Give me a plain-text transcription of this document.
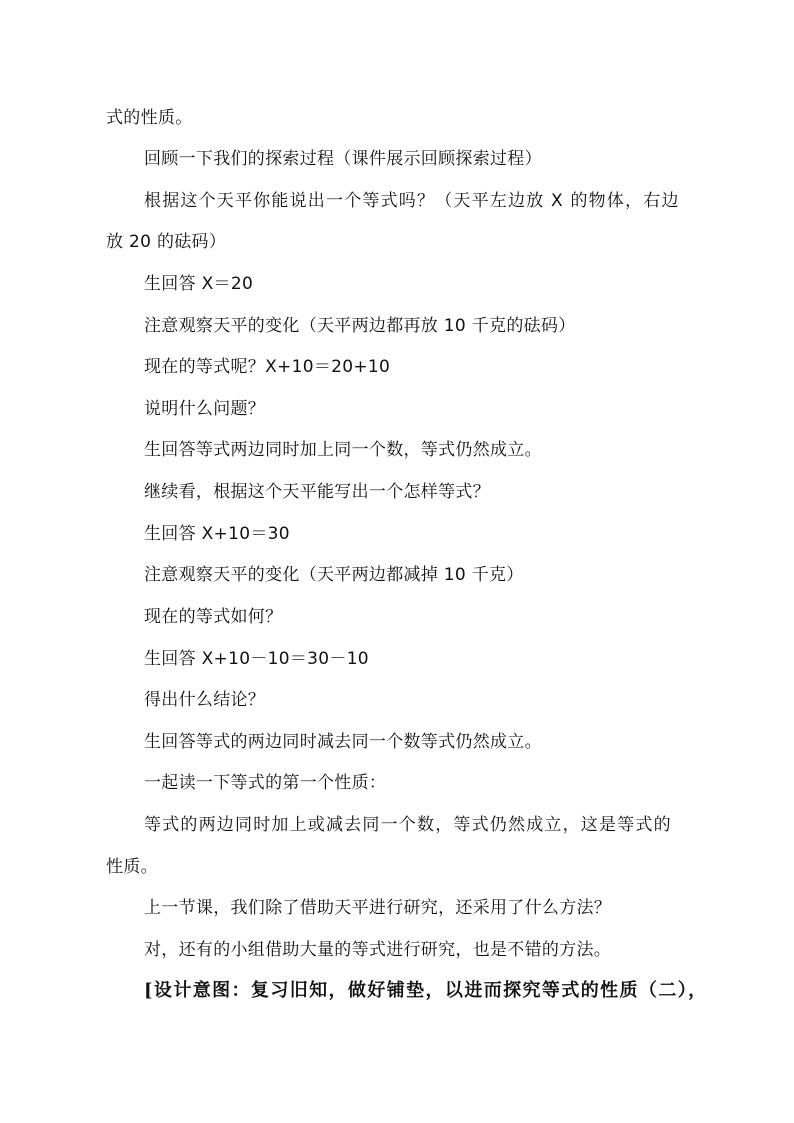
式的性质。
回顾一下我们的探索过程（课件展示回顾探索过程）
根据这个天平你能说出一个等式吗？（天平左边放 X 的物体，右边
放 20 的砝码）
生回答 X＝20
注意观察天平的变化（天平两边都再放 10 千克的砝码）
现在的等式呢？X+10＝20+10
说明什么问题？
生回答等式两边同时加上同一个数，等式仍然成立。
继续看，根据这个天平能写出一个怎样等式？
生回答 X+10＝30
注意观察天平的变化（天平两边都减掉 10 千克）
现在的等式如何？
生回答 X+10－10＝30－10
得出什么结论？
生回答等式的两边同时减去同一个数等式仍然成立。
一起读一下等式的第一个性质：
等式的两边同时加上或减去同一个数，等式仍然成立，这是等式的
性质。
上一节课，我们除了借助天平进行研究，还采用了什么方法？
对，还有的小组借助大量的等式进行研究，也是不错的方法。
[设计意图：复习旧知，做好铺垫，以进而探究等式的性质（二），
